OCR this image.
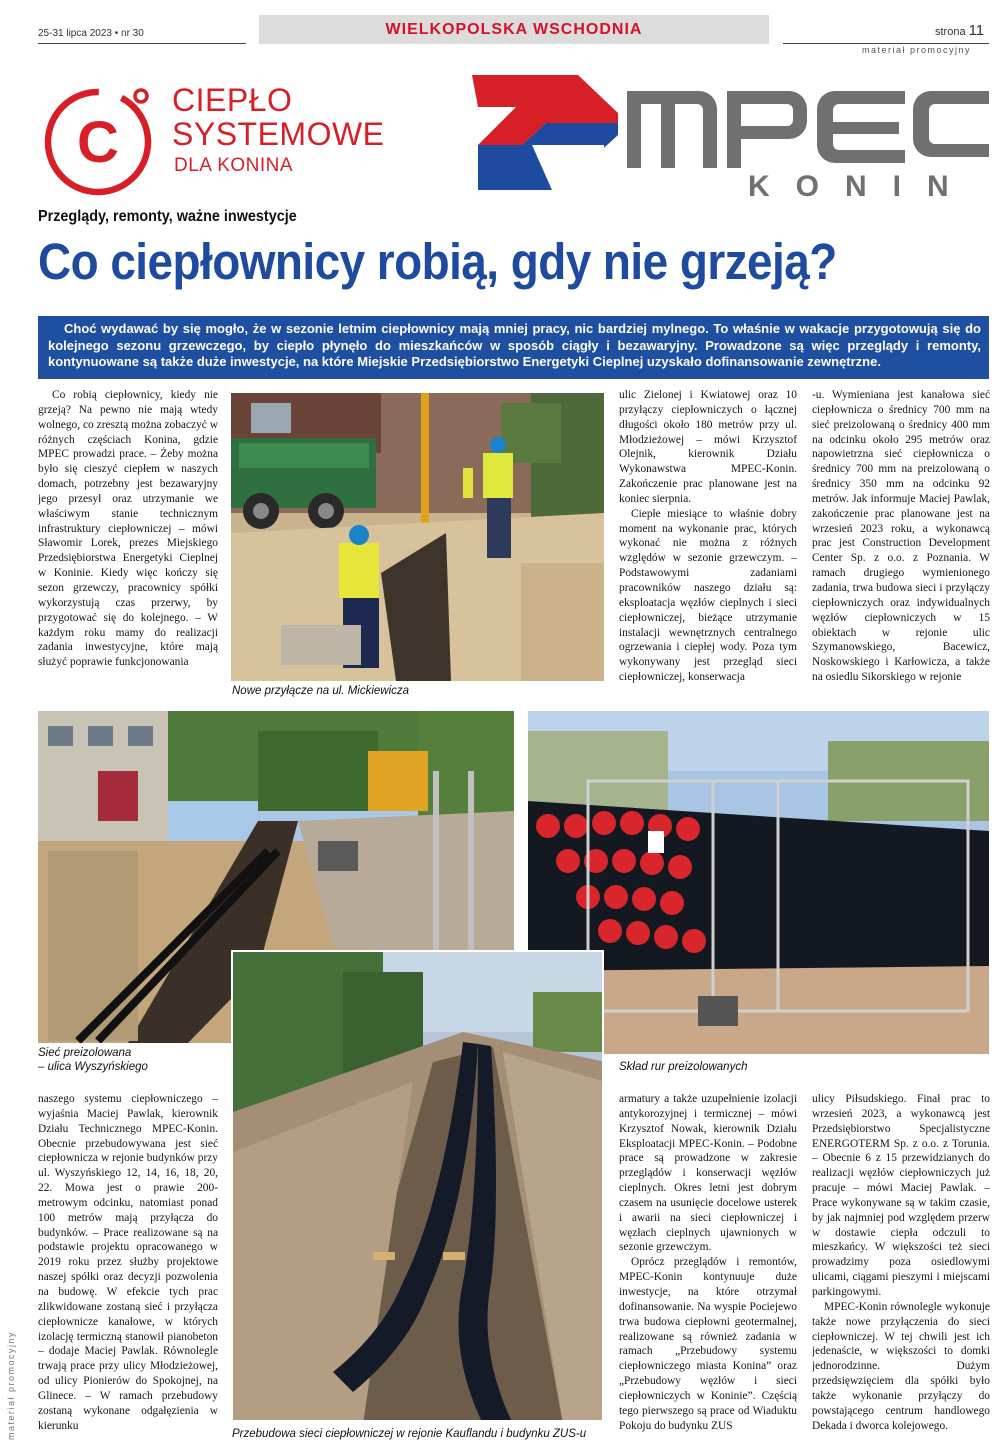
25-31 lipca 2023 • nr 30	WIELKOPOLSKA WSCHODNIA	strona 11
materiał promocyjny
C
CIEPŁO
SYSTEMOWE
DLA KONINA
KONIN
Przeglądy, remonty, ważne inwestycje
Co ciepłownicy robią, gdy nie grzeją?
Choć wydawać by się mogło, że w sezonie letnim ciepłownicy mają mniej pracy, nic bardziej mylnego. To właśnie w wakacje przygotowują się do kolejnego sezonu grzewczego, by ciepło płynęło do mieszkańców w sposób ciągły i bezawaryjny. Prowadzone są więc przeglądy i remonty, kontynuowane są także duże inwestycje, na które Miejskie Przedsiębiorstwo Energetyki Cieplnej uzyskało dofinansowanie zewnętrzne.

Co robią ciepłownicy, kiedy nie grzeją? Na pewno nie mają wtedy wolnego, co zresztą można zobaczyć w różnych częściach Konina, gdzie MPEC prowadzi prace. – Żeby można było się cieszyć ciepłem w naszych domach, potrzebny jest bezawaryjny jego przesył oraz utrzymanie we właściwym stanie technicznym infrastruktury ciepłowniczej – mówi Sławomir Lorek, prezes Miejskiego Przedsiębiorstwa Energetyki Cieplnej w Koninie. Kiedy więc kończy się sezon grzewczy, pracownicy spółki wykorzystują czas przerwy, by przygotować się do kolejnego. – W każdym roku mamy do realizacji zadania inwestycyjne, które mają służyć poprawie funkcjonowania

Nowe przyłącze na ul. Mickiewicza

ulic Zielonej i Kwiatowej oraz 10 przyłączy ciepłowniczych o łącznej długości około 180 metrów przy ul. Młodzieżowej – mówi Krzysztof Olejnik, kierownik Działu Wykonawstwa MPEC-Konin. Zakończenie prac planowane jest na koniec sierpnia.

Ciepłe miesiące to właśnie dobry moment na wykonanie prac, których wykonać nie można z różnych względów w sezonie grzewczym. – Podstawowymi zadaniami pracowników naszego działu są: eksploatacja węzłów cieplnych i sieci ciepłowniczej, bieżące utrzymanie instalacji wewnętrznych centralnego ogrzewania i ciepłej wody. Poza tym wykonywany jest przegląd sieci ciepłowniczej, konserwacja

-u. Wymieniana jest kanałowa sieć ciepłownicza o średnicy 700 mm na sieć preizolowaną o średnicy 400 mm na odcinku około 295 metrów oraz napowietrzna sieć ciepłownicza o średnicy 700 mm na preizolowaną o średnicy 350 mm na odcinku 92 metrów. Jak informuje Maciej Pawlak, zakończenie prac planowane jest na wrzesień 2023 roku, a wykonawcą prac jest Construction Development Center Sp. z o.o. z Poznania. W ramach drugiego wymienionego zadania, trwa budowa sieci i przyłączy ciepłowniczych oraz indywidualnych węzłów ciepłowniczych w 15 obiektach w rejonie ulic Szymanowskiego, Bacewicz, Noskowskiego i Karłowicza, a także na osiedlu Sikorskiego w rejonie

Sieć preizolowana
– ulica Wyszyńskiego	Skład rur preizolowanych
Przebudowa sieci ciepłowniczej w rejonie Kauflandu i budynku ZUS-u

naszego systemu ciepłowniczego – wyjaśnia Maciej Pawlak, kierownik Działu Technicznego MPEC-Konin. Obecnie przebudowywana jest sieć ciepłownicza w rejonie budynków przy ul. Wyszyńskiego 12, 14, 16, 18, 20, 22. Mowa jest o prawie 200-metrowym odcinku, natomiast ponad 100 metrów mają przyłącza do budynków. – Prace realizowane są na podstawie projektu opracowanego w 2019 roku przez służby projektowe naszej spółki oraz decyzji pozwolenia na budowę. W efekcie tych prac zlikwidowane zostaną sieć i przyłącza ciepłownicze kanałowe, w których izolację termiczną stanowił pianobeton – dodaje Maciej Pawlak. Równolegle trwają prace przy ulicy Młodzieżowej, od ulicy Pionierów do Spokojnej, na Glinece. – W ramach przebudowy zostaną wykonane odgałęzienia w kierunku

armatury a także uzupełnienie izolacji antykorozyjnej i termicznej – mówi Krzysztof Nowak, kierownik Działu Eksploatacji MPEC-Konin. – Podobne prace są prowadzone w zakresie przeglądów i konserwacji węzłów cieplnych. Okres letni jest dobrym czasem na usunięcie docelowe usterek i awarii na sieci ciepłowniczej i węzłach cieplnych ujawnionych w sezonie grzewczym.

Oprócz przeglądów i remontów, MPEC-Konin kontynuuje duże inwestycje, na które otrzymał dofinansowanie. Na wyspie Pociejewo trwa budowa ciepłowni geotermalnej, realizowane są również zadania w ramach „Przebudowy systemu ciepłowniczego miasta Konina” oraz „Przebudowy węzłów i sieci ciepłowniczych w Koninie”. Częścią tego pierwszego są prace od Wiaduktu Pokoju do budynku ZUS

ulicy Piłsudskiego. Finał prac to wrzesień 2023, a wykonawcą jest Przedsiębiorstwo Specjalistyczne ENERGOTERM Sp. z o.o. z Torunia. – Obecnie 6 z 15 przewidzianych do realizacji węzłów ciepłowniczych już pracuje – mówi Maciej Pawlak. – Prace wykonywane są w takim czasie, by jak najmniej pod względem przerw w dostawie ciepła odczuli to mieszkańcy. W większości też sieci prowadzimy poza osiedlowymi ulicami, ciągami pieszymi i miejscami parkingowymi.

MPEC-Konin równolegle wykonuje także nowe przyłączenia do sieci ciepłowniczej. W tej chwili jest ich jedenaście, w większości to domki jednorodzinne. Dużym przedsięwzięciem dla spółki było także wykonanie przyłączy do powstającego centrum handlowego Dekada i dworca kolejowego.

materiał promocyjny
